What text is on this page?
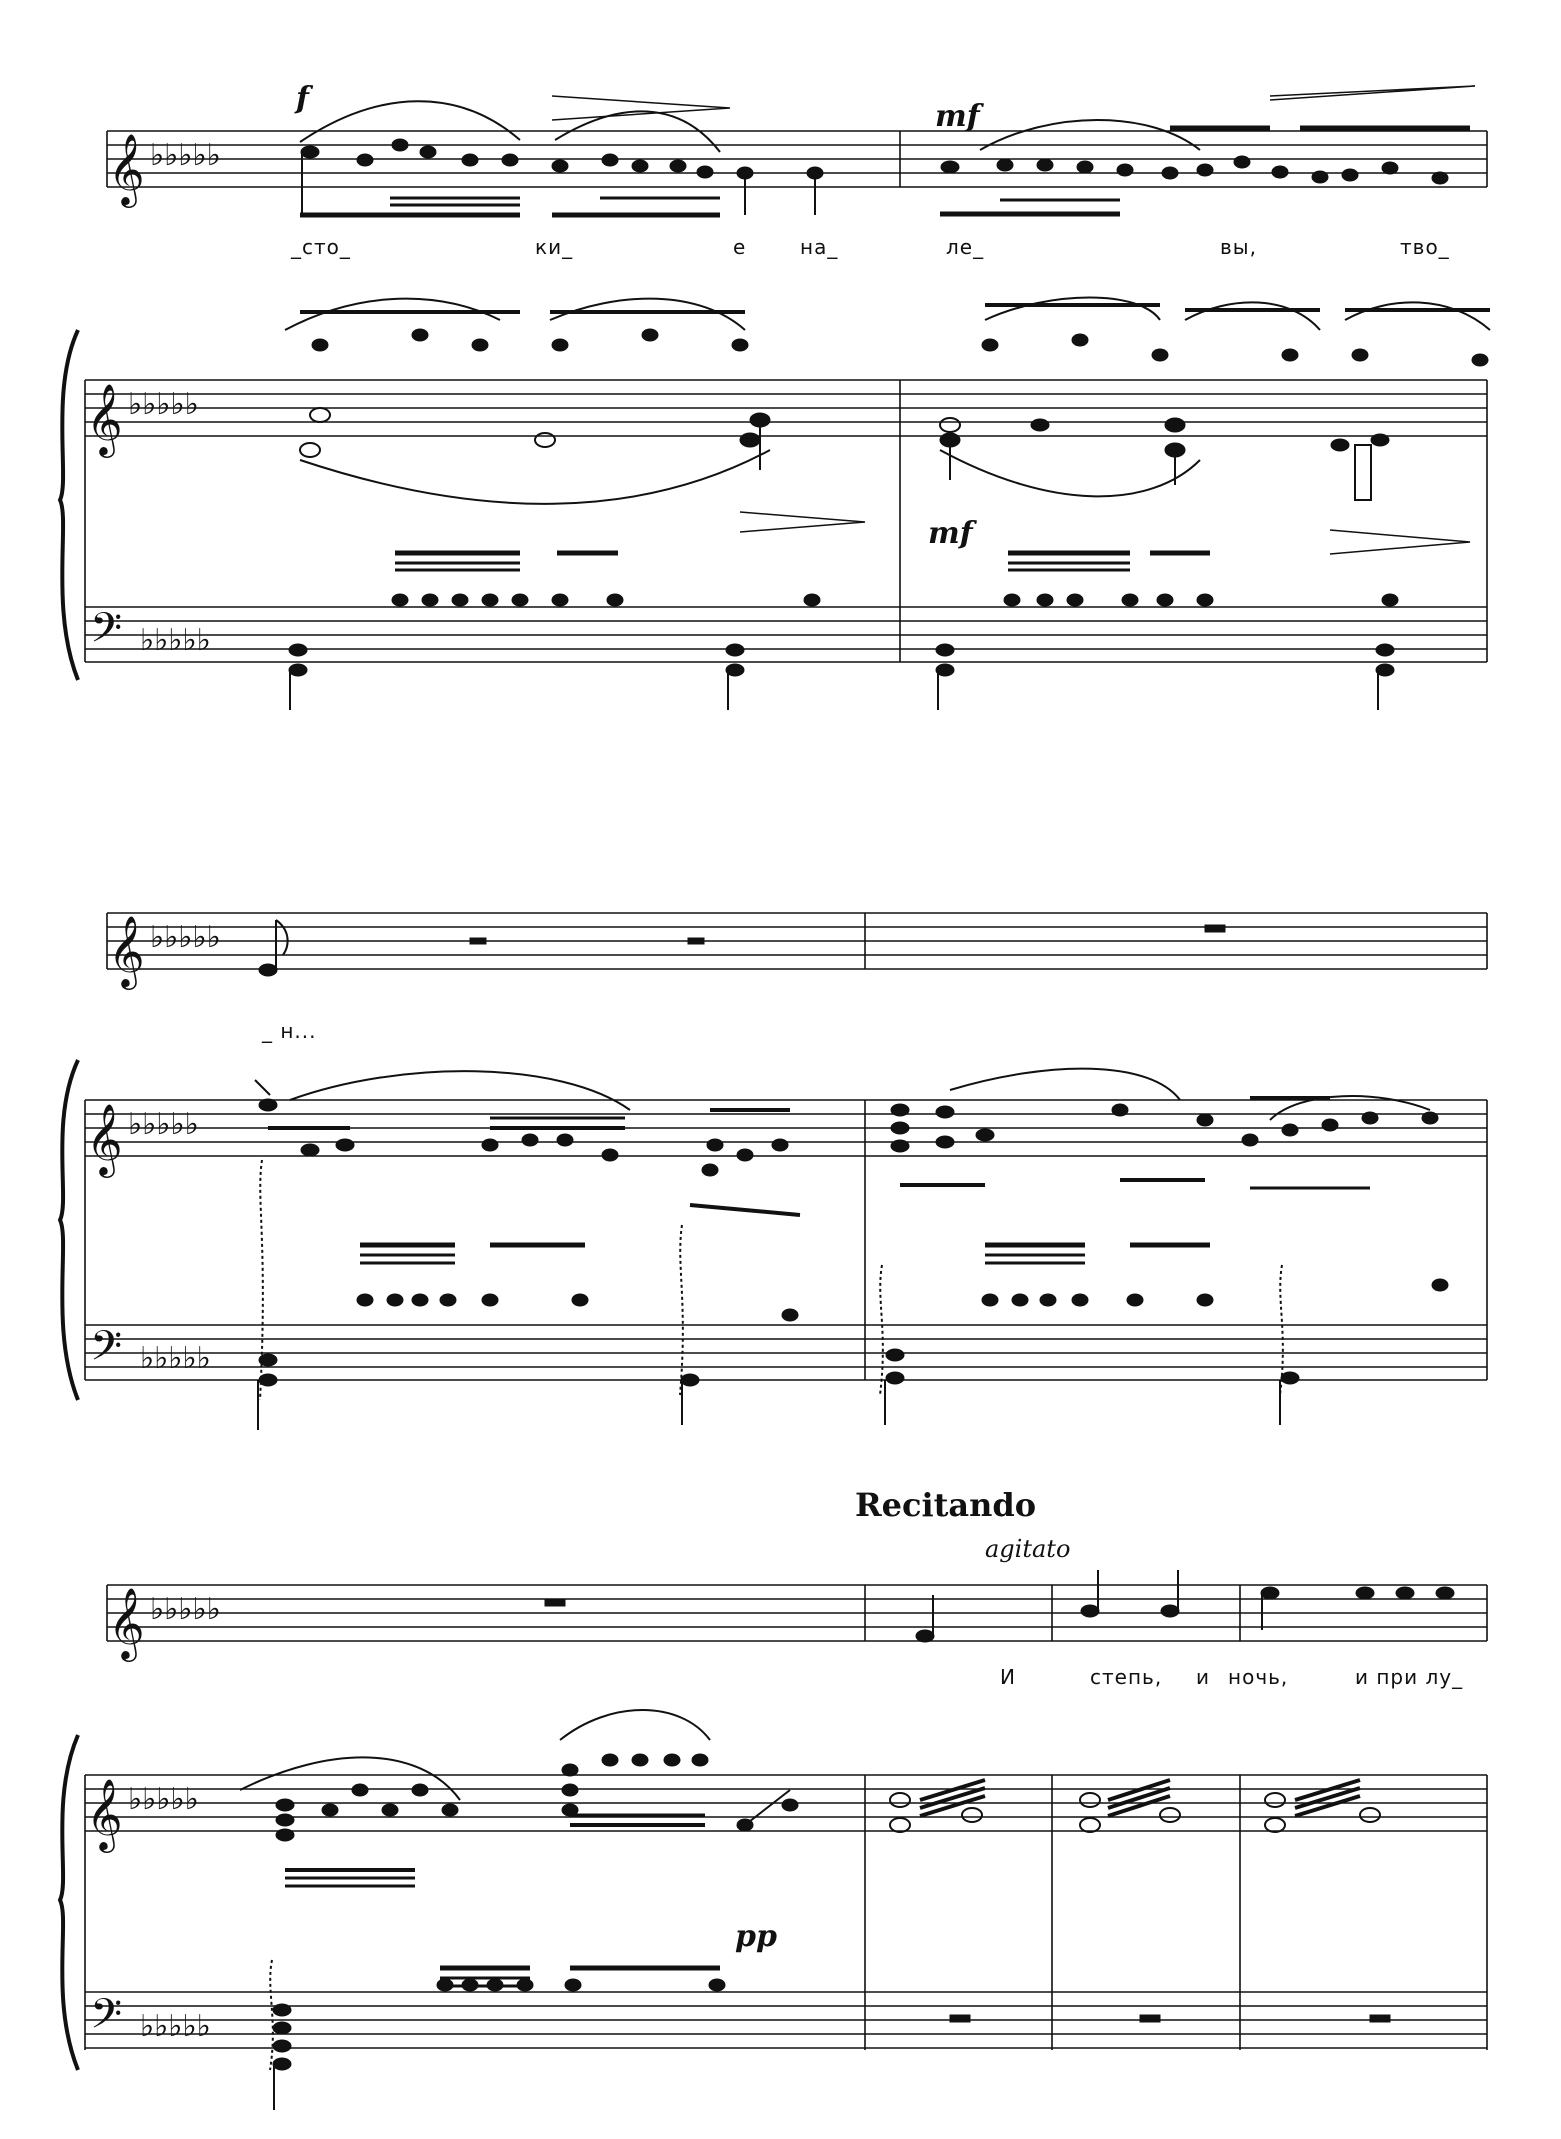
𝄞 ♭♭♭♭♭
f
mf
_сто_	ки_	е	на_	ле_	вы,	тво_
𝄞 ♭♭♭♭♭
𝄢 ♭♭♭♭♭
mf
𝄞 ♭♭♭♭♭
_ н...
𝄞 ♭♭♭♭♭
𝄢 ♭♭♭♭♭
Recitando
agitato
𝄞 ♭♭♭♭♭
И	степь, и ночь,	и при лу_
𝄞 ♭♭♭♭♭
pp
𝄢 ♭♭♭♭♭
